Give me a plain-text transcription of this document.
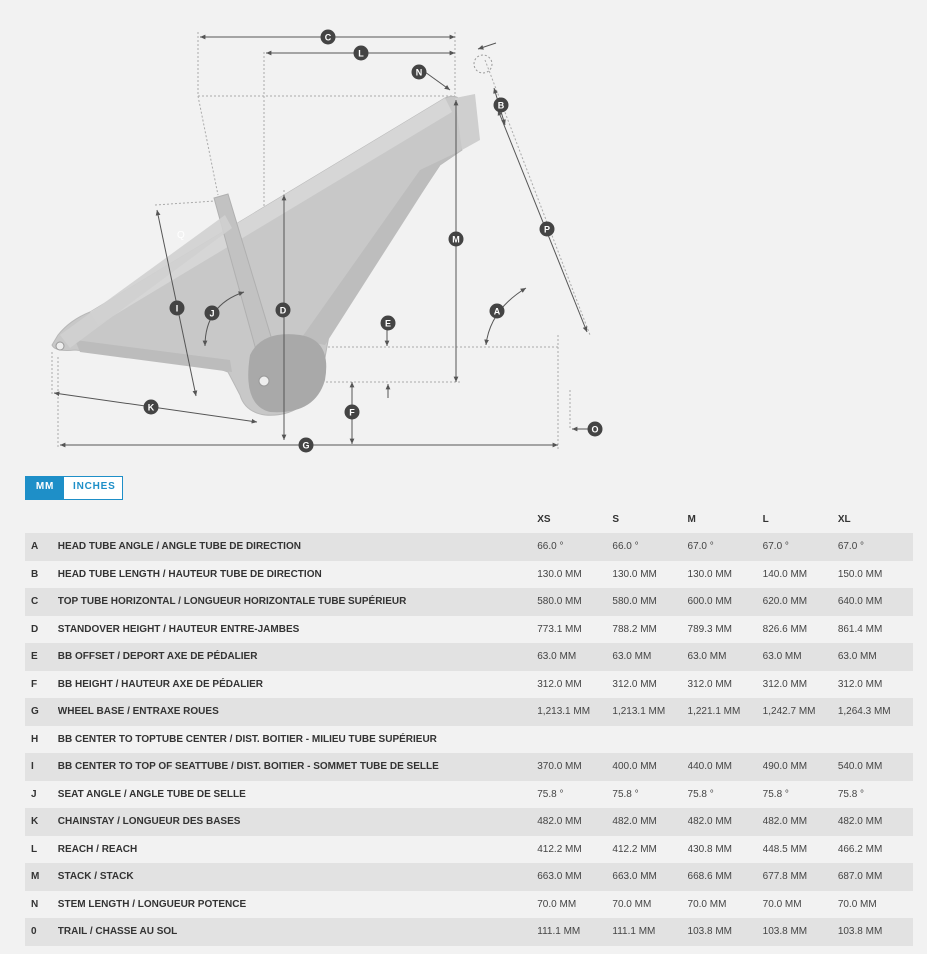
Q
C
L
N
B
P
M
A
E
D
J
I
K	F
G
O
MM	INCHES
		XS	S	M	L	XL
A	HEAD TUBE ANGLE / ANGLE TUBE DE DIRECTION	66.0 °	66.0 °	67.0 °	67.0 °	67.0 °
B	HEAD TUBE LENGTH / HAUTEUR TUBE DE DIRECTION	130.0 MM	130.0 MM	130.0 MM	140.0 MM	150.0 MM
C	TOP TUBE HORIZONTAL / LONGUEUR HORIZONTALE TUBE SUPÉRIEUR	580.0 MM	580.0 MM	600.0 MM	620.0 MM	640.0 MM
D	STANDOVER HEIGHT / HAUTEUR ENTRE-JAMBES	773.1 MM	788.2 MM	789.3 MM	826.6 MM	861.4 MM
E	BB OFFSET / DEPORT AXE DE PÉDALIER	63.0 MM	63.0 MM	63.0 MM	63.0 MM	63.0 MM
F	BB HEIGHT / HAUTEUR AXE DE PÉDALIER	312.0 MM	312.0 MM	312.0 MM	312.0 MM	312.0 MM
G	WHEEL BASE / ENTRAXE ROUES	1,213.1 MM	1,213.1 MM	1,221.1 MM	1,242.7 MM	1,264.3 MM
H	BB CENTER TO TOPTUBE CENTER / DIST. BOITIER - MILIEU TUBE SUPÉRIEUR					
I	BB CENTER TO TOP OF SEATTUBE / DIST. BOITIER - SOMMET TUBE DE SELLE	370.0 MM	400.0 MM	440.0 MM	490.0 MM	540.0 MM
J	SEAT ANGLE / ANGLE TUBE DE SELLE	75.8 °	75.8 °	75.8 °	75.8 °	75.8 °
K	CHAINSTAY / LONGUEUR DES BASES	482.0 MM	482.0 MM	482.0 MM	482.0 MM	482.0 MM
L	REACH / REACH	412.2 MM	412.2 MM	430.8 MM	448.5 MM	466.2 MM
M	STACK / STACK	663.0 MM	663.0 MM	668.6 MM	677.8 MM	687.0 MM
N	STEM LENGTH / LONGUEUR POTENCE	70.0 MM	70.0 MM	70.0 MM	70.0 MM	70.0 MM
0	TRAIL / CHASSE AU SOL	111.1 MM	111.1 MM	103.8 MM	103.8 MM	103.8 MM
